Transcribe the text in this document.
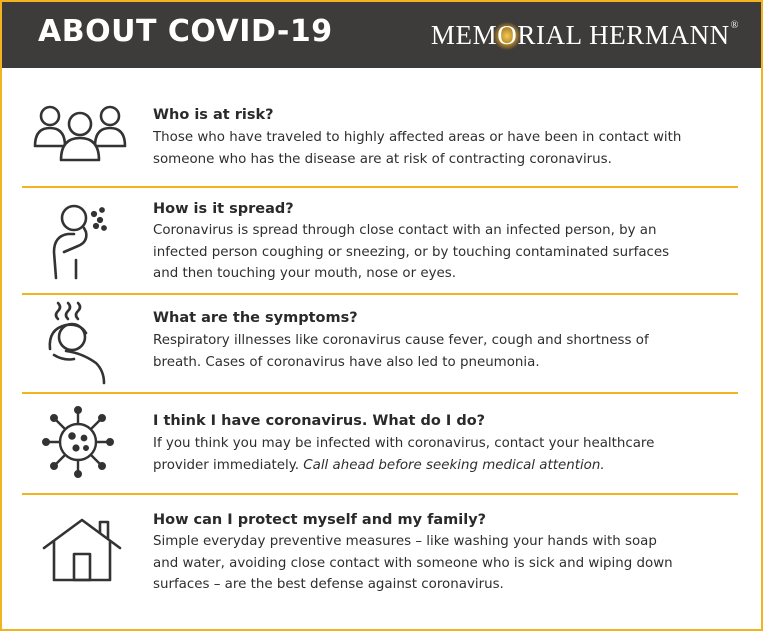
ABOUT COVID-19	MEMORIAL HERMANN®
Who is at risk?
Those who have traveled to highly affected areas or have been in contact with
someone who has the disease are at risk of contracting coronavirus.
How is it spread?
Coronavirus is spread through close contact with an infected person, by an
infected person coughing or sneezing, or by touching contaminated surfaces
and then touching your mouth, nose or eyes.
What are the symptoms?
Respiratory illnesses like coronavirus cause fever, cough and shortness of
breath. Cases of coronavirus have also led to pneumonia.
I think I have coronavirus. What do I do?
If you think you may be infected with coronavirus, contact your healthcare
provider immediately. Call ahead before seeking medical attention.
How can I protect myself and my family?
Simple everyday preventive measures – like washing your hands with soap
and water, avoiding close contact with someone who is sick and wiping down
surfaces – are the best defense against coronavirus.
